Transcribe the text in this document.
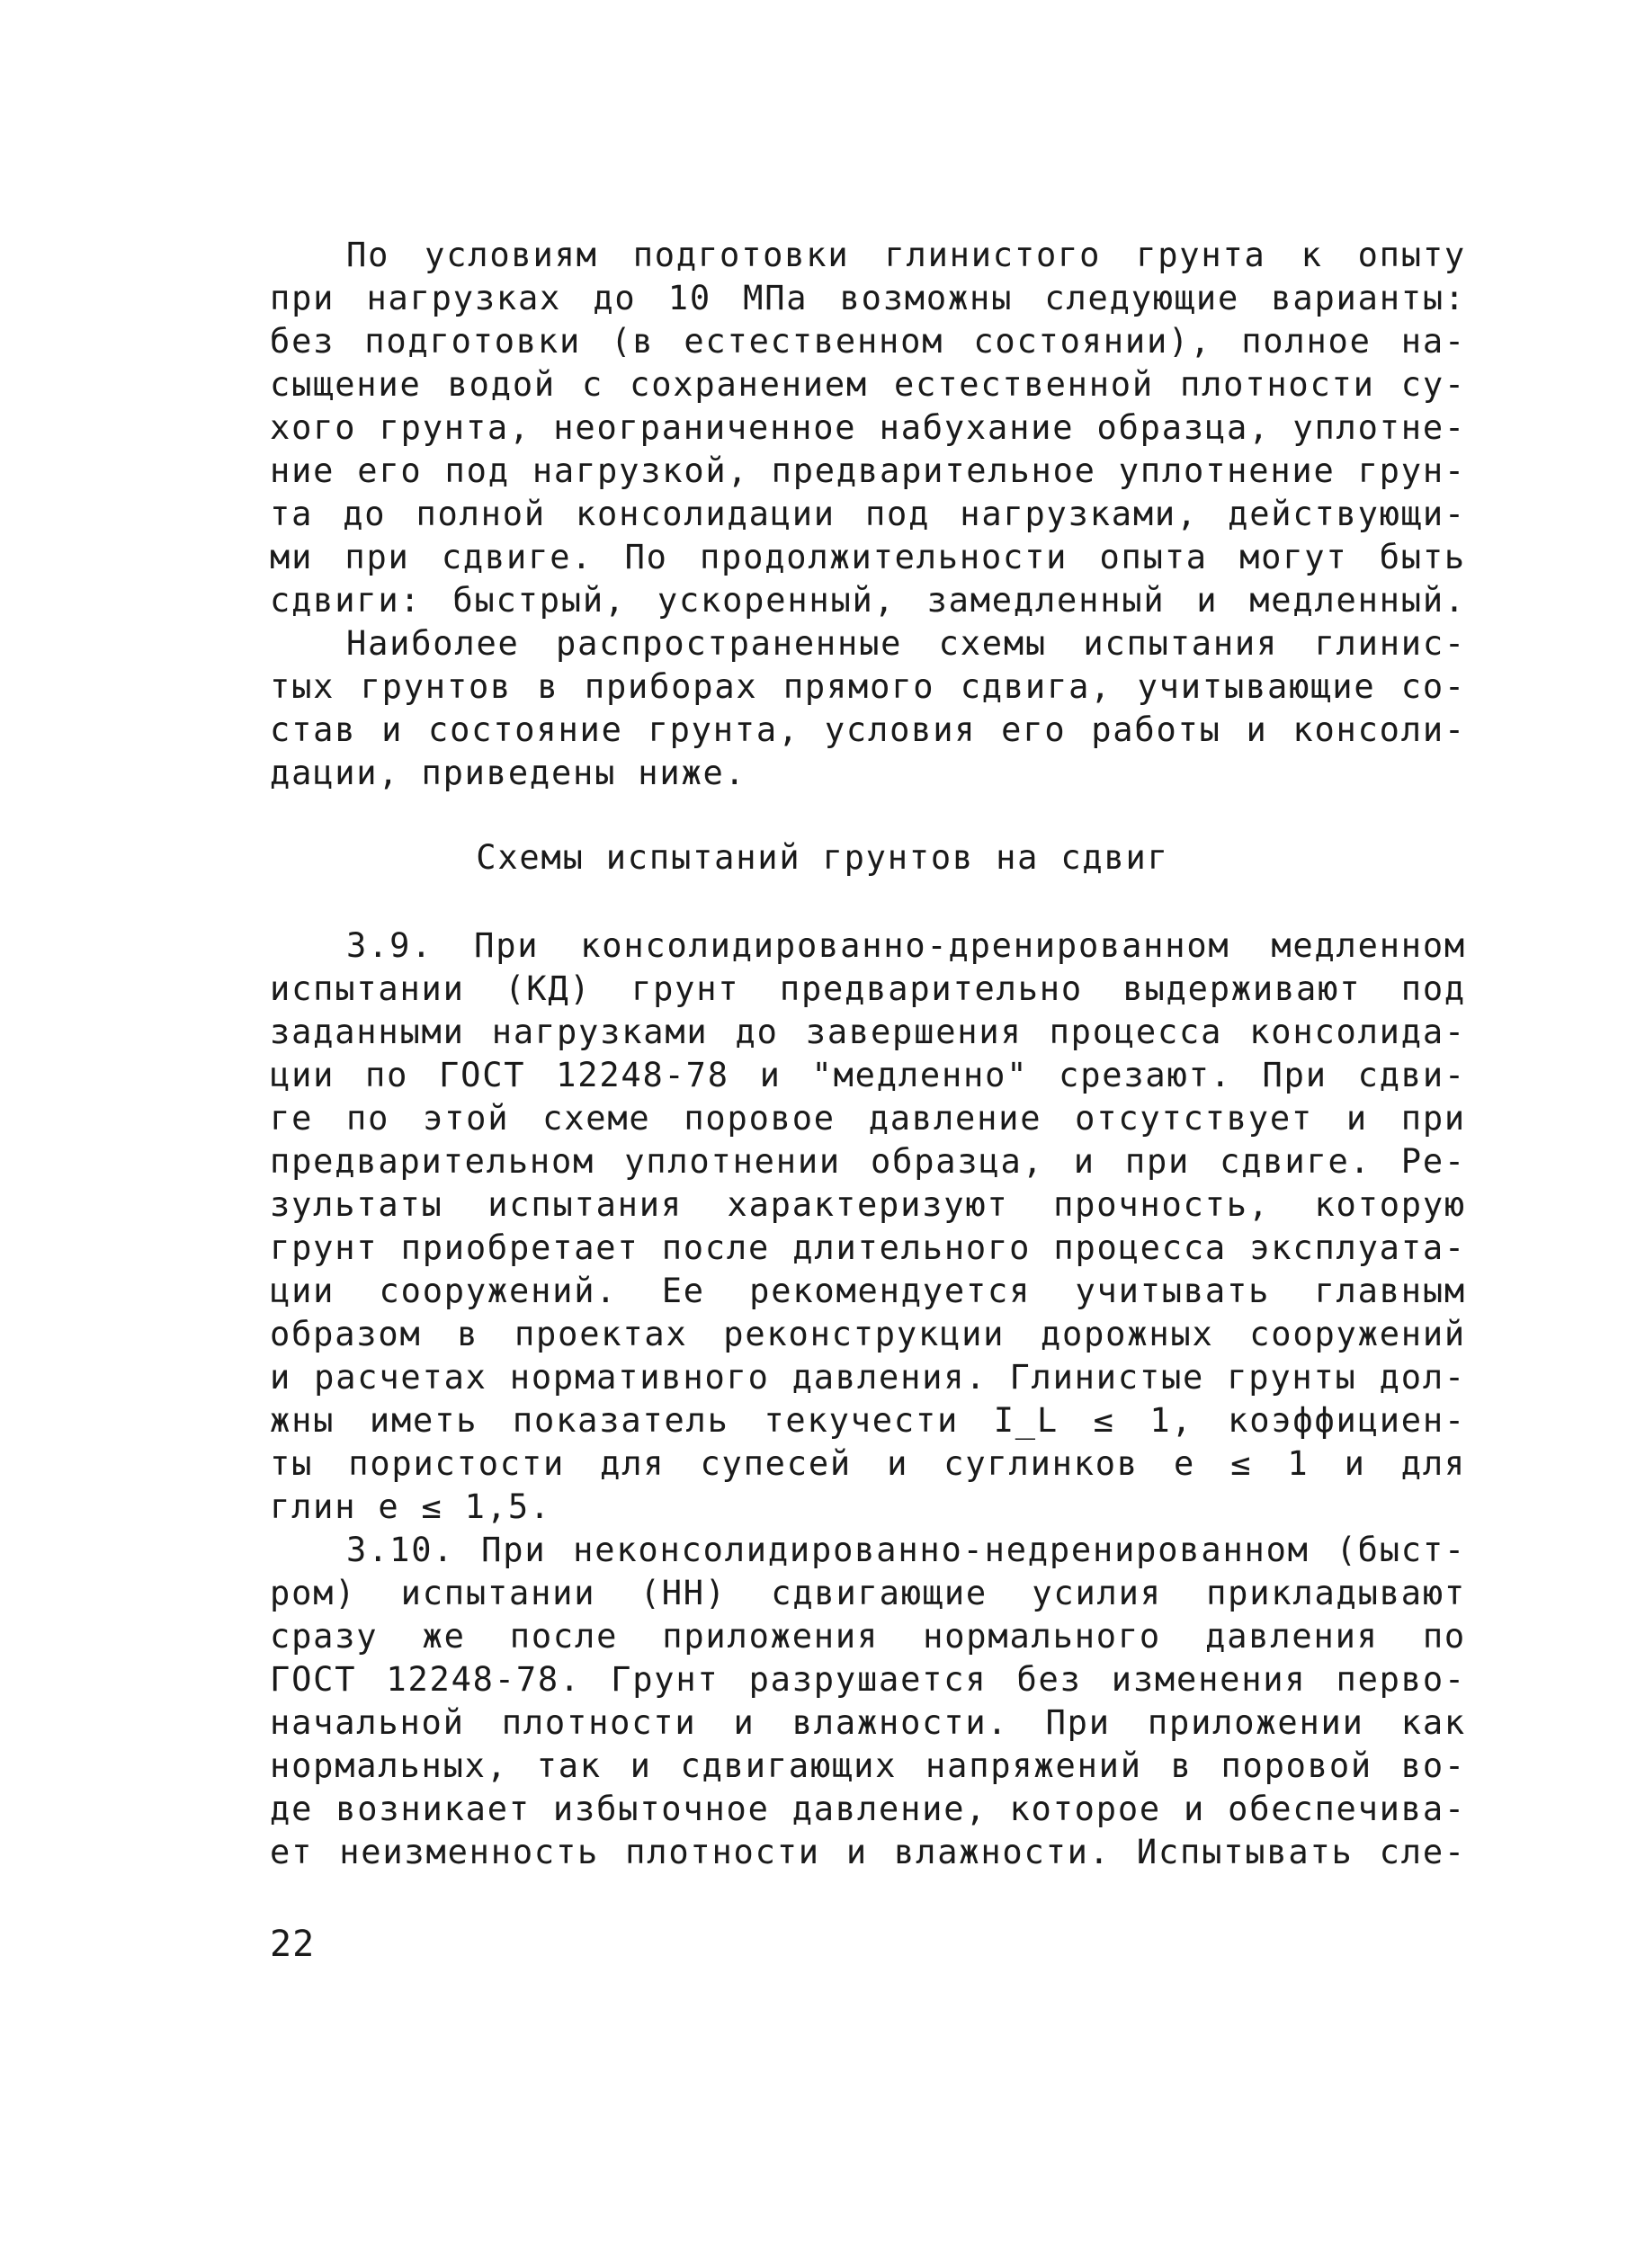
По условиям подготовки глинистого грунта к опыту
при нагрузках до 10 МПа возможны следующие варианты:
без подготовки (в естественном состоянии), полное на-
сыщение водой с сохранением естественной плотности су-
хого грунта, неограниченное набухание образца, уплотне-
ние его под нагрузкой, предварительное уплотнение грун-
та до полной консолидации под нагрузками, действующи-
ми при сдвиге. По продолжительности опыта могут быть
сдвиги: быстрый, ускоренный, замедленный и медленный.
Наиболее распространенные схемы испытания глинис-
тых грунтов в приборах прямого сдвига, учитывающие со-
став и состояние грунта, условия его работы и консоли-
дации, приведены ниже.
Схемы испытаний грунтов на сдвиг
3.9. При консолидированно-дренированном медленном
испытании (КД) грунт предварительно выдерживают под
заданными нагрузками до завершения процесса консолида-
ции по ГОСТ 12248-78 и "медленно" срезают. При сдви-
ге по этой схеме поровое давление отсутствует и при
предварительном уплотнении образца, и при сдвиге. Ре-
зультаты испытания характеризуют прочность, которую
грунт приобретает после длительного процесса эксплуата-
ции сооружений. Ее рекомендуется учитывать главным
образом в проектах реконструкции дорожных сооружений
и расчетах нормативного давления. Глинистые грунты дол-
жны иметь показатель текучести I_L ≤ 1, коэффициен-
ты пористости для супесей и суглинков e ≤ 1 и для
глин e ≤ 1,5.
3.10. При неконсолидированно-недренированном (быст-
ром) испытании (НН) сдвигающие усилия прикладывают
сразу же после приложения нормального давления по
ГОСТ 12248-78. Грунт разрушается без изменения перво-
начальной плотности и влажности. При приложении как
нормальных, так и сдвигающих напряжений в поровой во-
де возникает избыточное давление, которое и обеспечива-
ет неизменность плотности и влажности. Испытывать сле-
22
